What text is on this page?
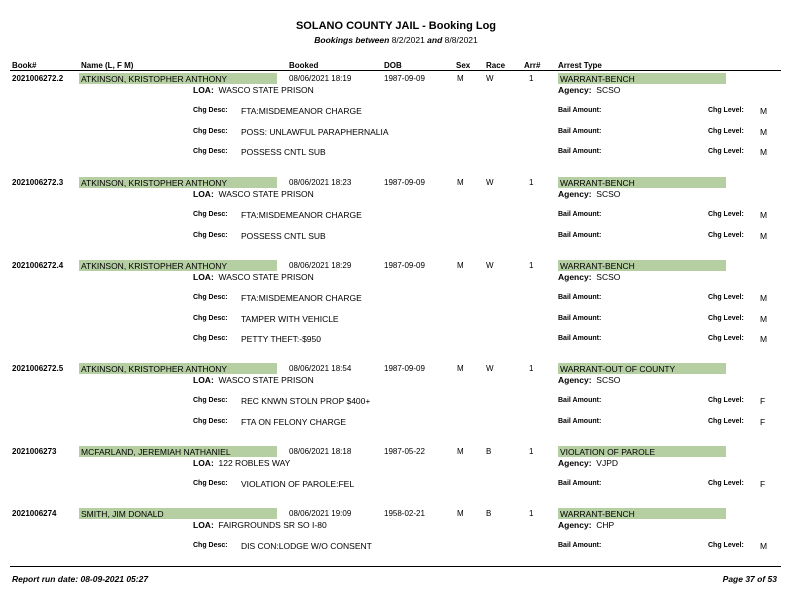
SOLANO COUNTY JAIL - Booking Log
Bookings between 8/2/2021 and 8/8/2021
Book#	Name (L, F M)	Booked	DOB	Sex Race Arr# Arrest Type
2021006272.2 ATKINSON, KRISTOPHER ANTHONY	08/06/2021 18:19	1987-09-09	M	W	1	WARRANT-BENCH
LOA: WASCO STATE PRISON	Agency: SCSO
Chg Desc: FTA:MISDEMEANOR CHARGE	Bail Amount:	Chg Level: M
Chg Desc: POSS: UNLAWFUL PARAPHERNALIA	Bail Amount:	Chg Level: M
Chg Desc: POSSESS CNTL SUB	Bail Amount:	Chg Level: M
2021006272.3 ATKINSON, KRISTOPHER ANTHONY	08/06/2021 18:23	1987-09-09	M	W	1	WARRANT-BENCH
LOA: WASCO STATE PRISON	Agency: SCSO
Chg Desc: FTA:MISDEMEANOR CHARGE	Bail Amount:	Chg Level: M
Chg Desc: POSSESS CNTL SUB	Bail Amount:	Chg Level: M
2021006272.4 ATKINSON, KRISTOPHER ANTHONY	08/06/2021 18:29	1987-09-09	M	W	1	WARRANT-BENCH
LOA: WASCO STATE PRISON	Agency: SCSO
Chg Desc: FTA:MISDEMEANOR CHARGE	Bail Amount:	Chg Level: M
Chg Desc: TAMPER WITH VEHICLE	Bail Amount:	Chg Level: M
Chg Desc: PETTY THEFT:-$950	Bail Amount:	Chg Level: M
2021006272.5 ATKINSON, KRISTOPHER ANTHONY	08/06/2021 18:54	1987-09-09	M	W	1	WARRANT-OUT OF COUNTY
LOA: WASCO STATE PRISON	Agency: SCSO
Chg Desc: REC KNWN STOLN PROP $400+	Bail Amount:	Chg Level: F
Chg Desc: FTA ON FELONY CHARGE	Bail Amount:	Chg Level: F
2021006273	MCFARLAND, JEREMIAH NATHANIEL	08/06/2021 18:18	1987-05-22	M	B	1	VIOLATION OF PAROLE
LOA: 122 ROBLES WAY	Agency: VJPD
Chg Desc: VIOLATION OF PAROLE:FEL	Bail Amount:	Chg Level: F
2021006274	SMITH, JIM DONALD	08/06/2021 19:09	1958-02-21	M	B	1	WARRANT-BENCH
LOA: FAIRGROUNDS SR SO I-80	Agency: CHP
Chg Desc: DIS CON:LODGE W/O CONSENT	Bail Amount:	Chg Level: M
Report run date: 08-09-2021 05:27	Page 37 of 53
